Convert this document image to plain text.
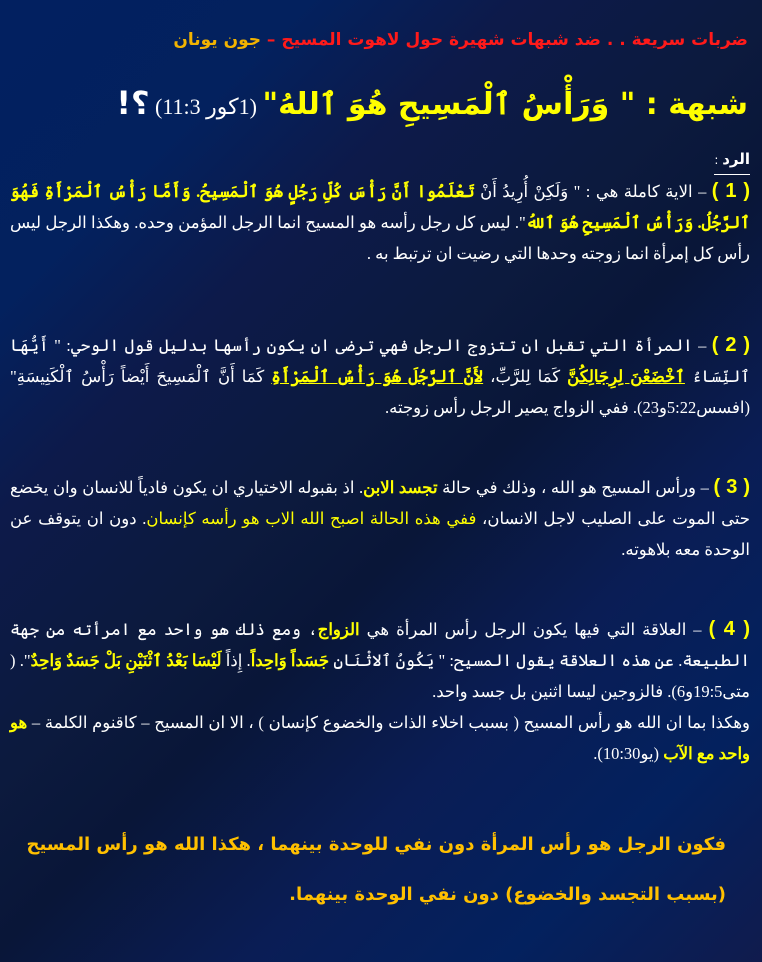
ضربات سريعة . . ضد شبهات شهيرة حول لاهوت المسيح – جون يونان
شبهة : " وَرَأْسُ ٱلْمَسِيحِ هُوَ ٱللهُ" (1كور 11:3) ؟!
الرد :
( 1 ) – الاية كاملة هي : " وَلَكِنْ أُرِيدُ أَنْ تَعْلَمُوا أَنَّ رَأْسَ كُلِّ رَجُلٍ هُوَ ٱلْمَسِيحُ. وَأَمَّا رَأْسُ ٱلْمَرْأَةِ فَهُوَ ٱلرَّجُلُ. وَرَأْسُ ٱلْمَسِيحِ هُوَ ٱللهُ". ليس كل رجل رأسه هو المسيح انما الرجل المؤمن وحده. وهكذا الرجل ليس رأس كل إمرأة انما زوجته وحدها التي رضيت ان ترتبط به .
( 2 ) – المرأة التي تقبل ان تتزوج الرجل فهي ترضى ان يكون رأسها بدليل قول الوحي: " أَيُّهَا ٱلنِّسَاءُ ٱخْضَعْنَ لِرِجَالِكُنَّ كَمَا لِلرَّبِّ، لأَنَّ ٱلرَّجُلَ هُوَ رَأْسُ ٱلْمَرْأَةِ كَمَا أَنَّ ٱلْمَسِيحَ أَيْضاً رَأْسُ ٱلْكَنِيسَةِ" (افسس5:22و23). ففي الزواج يصير الرجل رأس زوجته.
( 3 ) – ورأس المسيح هو الله ، وذلك في حالة تجسد الابن. اذ بقبوله الاختياري ان يكون فادياً للانسان وان يخضع حتى الموت على الصليب لاجل الانسان، ففي هذه الحالة اصبح الله الاب هو رأسه كإنسان. دون ان يتوقف عن الوحدة معه بلاهوته.
( 4 ) – العلاقة التي فيها يكون الرجل رأس المرأة هي الزواج، ومع ذلك هو واحد مع امرأته من جهة الطبيعة. عن هذه العلاقة يقول المسيح: " يَكُونُ ٱلاثْنَانِ جَسَداً وَاحِداً. إِذاً لَيْسَا بَعْدُ ٱثْنَيْنِ بَلْ جَسَدٌ وَاحِدٌ". ( متى19:5و6). فالزوجين ليسا اثنين بل جسد واحد.
وهكذا بما ان الله هو رأس المسيح ( بسبب اخلاء الذات والخضوع كإنسان ) ، الا ان المسيح – كاقنوم الكلمة – هو واحد مع الآب (يو10:30).
فكون الرجل هو رأس المرأة دون نفي للوحدة بينهما ، هكذا الله هو رأس المسيح
(بسبب التجسد والخضوع) دون نفي الوحدة بينهما.
